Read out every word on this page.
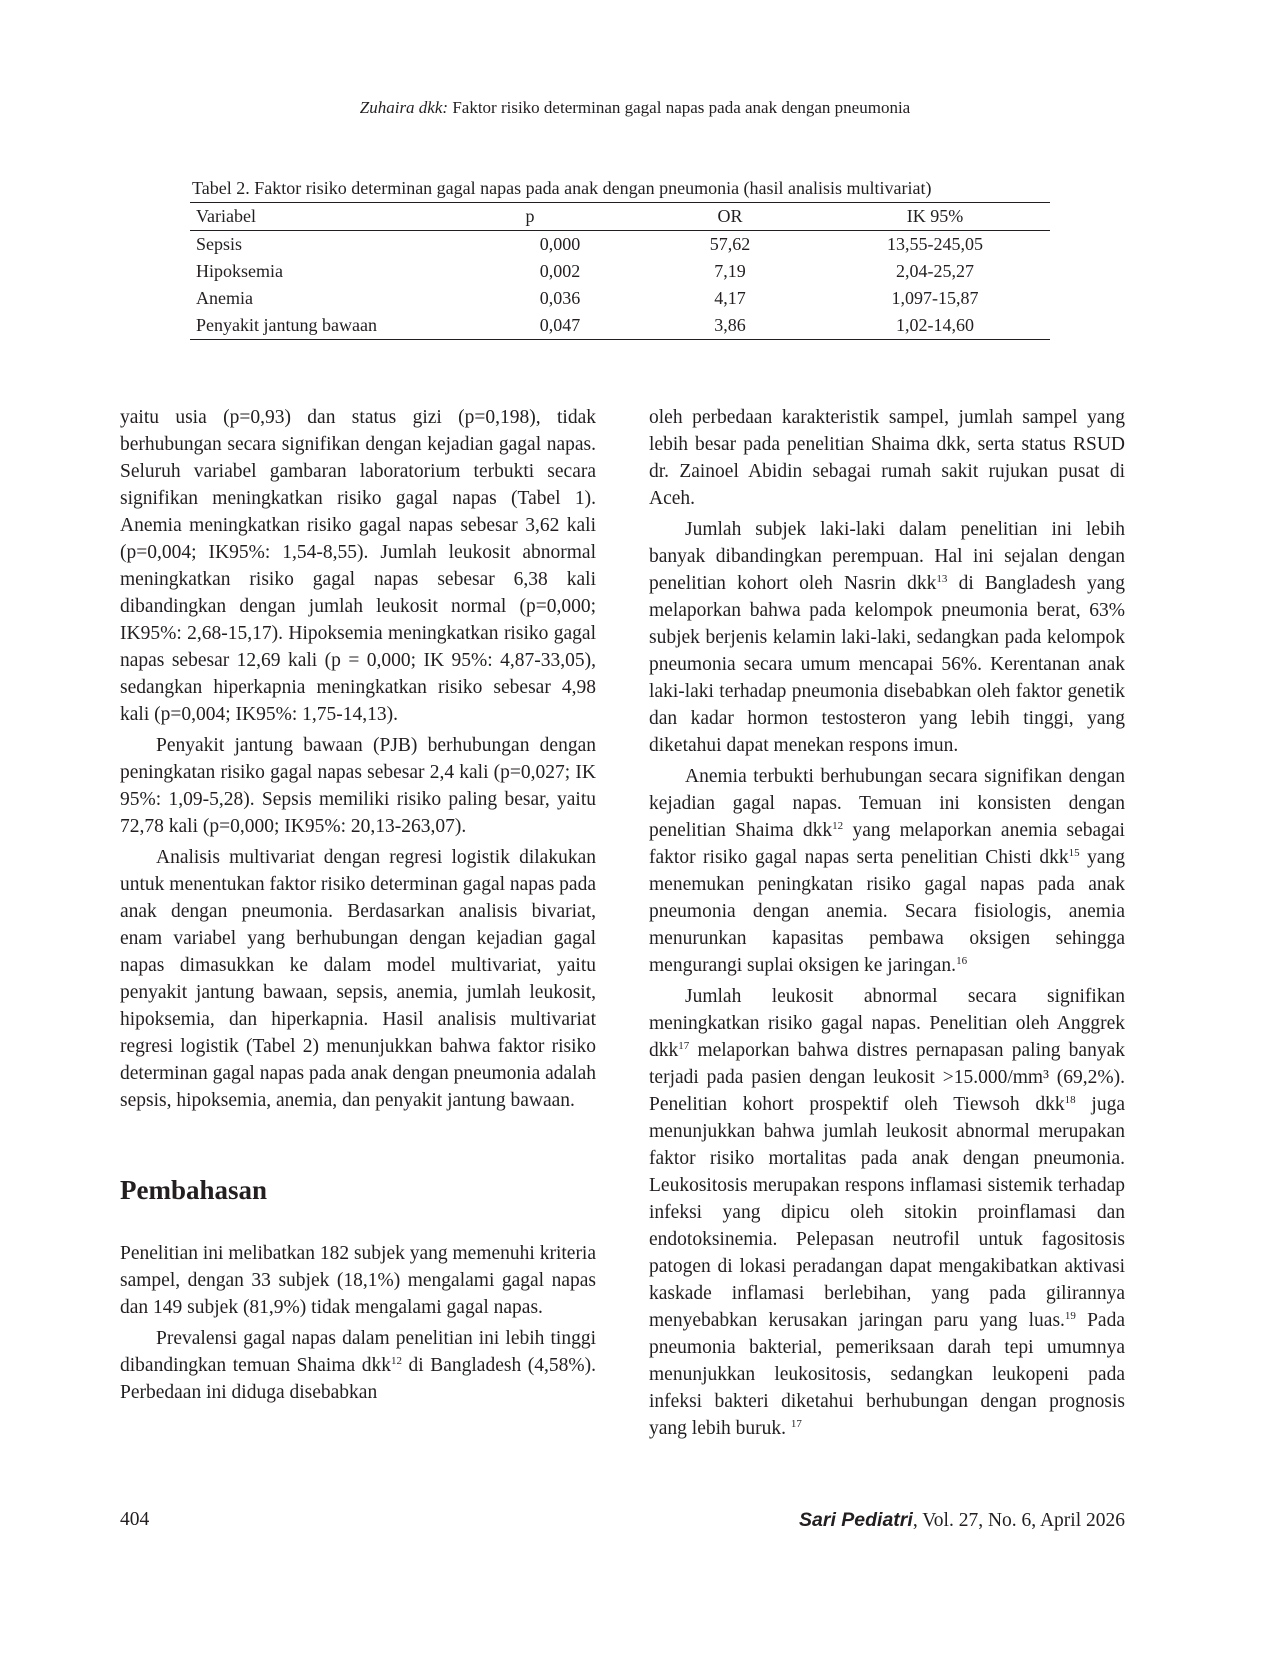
Zuhaira dkk: Faktor risiko determinan gagal napas pada anak dengan pneumonia
Tabel 2. Faktor risiko determinan gagal napas pada anak dengan pneumonia (hasil analisis multivariat)
Variabel	p	OR	IK 95%
Sepsis	0,000	57,62	13,55-245,05
Hipoksemia	0,002	7,19	2,04-25,27
Anemia	0,036	4,17	1,097-15,87
Penyakit jantung bawaan	0,047	3,86	1,02-14,60

yaitu usia (p=0,93) dan status gizi (p=0,198), tidak berhubungan secara signifikan dengan kejadian gagal napas. Seluruh variabel gambaran laboratorium terbukti secara signifikan meningkatkan risiko gagal napas (Tabel 1). Anemia meningkatkan risiko gagal napas sebesar 3,62 kali (p=0,004; IK95%: 1,54-8,55). Jumlah leukosit abnormal meningkatkan risiko gagal napas sebesar 6,38 kali dibandingkan dengan jumlah leukosit normal (p=0,000; IK95%: 2,68-15,17). Hipoksemia meningkatkan risiko gagal napas sebesar 12,69 kali (p = 0,000; IK 95%: 4,87-33,05), sedangkan hiperkapnia meningkatkan risiko sebesar 4,98 kali (p=0,004; IK95%: 1,75-14,13).

Penyakit jantung bawaan (PJB) berhubungan dengan peningkatan risiko gagal napas sebesar 2,4 kali (p=0,027; IK 95%: 1,09-5,28). Sepsis memiliki risiko paling besar, yaitu 72,78 kali (p=0,000; IK95%: 20,13-263,07).

Analisis multivariat dengan regresi logistik dilakukan untuk menentukan faktor risiko determinan gagal napas pada anak dengan pneumonia. Berdasarkan analisis bivariat, enam variabel yang berhubungan dengan kejadian gagal napas dimasukkan ke dalam model multivariat, yaitu penyakit jantung bawaan, sepsis, anemia, jumlah leukosit, hipoksemia, dan hiperkapnia. Hasil analisis multivariat regresi logistik (Tabel 2) menunjukkan bahwa faktor risiko determinan gagal napas pada anak dengan pneumonia adalah sepsis, hipoksemia, anemia, dan penyakit jantung bawaan.

Pembahasan

Penelitian ini melibatkan 182 subjek yang memenuhi kriteria sampel, dengan 33 subjek (18,1%) mengalami gagal napas dan 149 subjek (81,9%) tidak mengalami gagal napas.

Prevalensi gagal napas dalam penelitian ini lebih tinggi dibandingkan temuan Shaima dkk$^{12}$ di Bangladesh (4,58%). Perbedaan ini diduga disebabkan

oleh perbedaan karakteristik sampel, jumlah sampel yang lebih besar pada penelitian Shaima dkk, serta status RSUD dr. Zainoel Abidin sebagai rumah sakit rujukan pusat di Aceh.

Jumlah subjek laki-laki dalam penelitian ini lebih banyak dibandingkan perempuan. Hal ini sejalan dengan penelitian kohort oleh Nasrin dkk$^{13}$ di Bangladesh yang melaporkan bahwa pada kelompok pneumonia berat, 63% subjek berjenis kelamin laki-laki, sedangkan pada kelompok pneumonia secara umum mencapai 56%. Kerentanan anak laki-laki terhadap pneumonia disebabkan oleh faktor genetik dan kadar hormon testosteron yang lebih tinggi, yang diketahui dapat menekan respons imun.

Anemia terbukti berhubungan secara signifikan dengan kejadian gagal napas. Temuan ini konsisten dengan penelitian Shaima dkk$^{12}$ yang melaporkan anemia sebagai faktor risiko gagal napas serta penelitian Chisti dkk$^{15}$ yang menemukan peningkatan risiko gagal napas pada anak pneumonia dengan anemia. Secara fisiologis, anemia menurunkan kapasitas pembawa oksigen sehingga mengurangi suplai oksigen ke jaringan.$^{16}$

Jumlah leukosit abnormal secara signifikan meningkatkan risiko gagal napas. Penelitian oleh Anggrek dkk$^{17}$ melaporkan bahwa distres pernapasan paling banyak terjadi pada pasien dengan leukosit >15.000/mm³ (69,2%). Penelitian kohort prospektif oleh Tiewsoh dkk$^{18}$ juga menunjukkan bahwa jumlah leukosit abnormal merupakan faktor risiko mortalitas pada anak dengan pneumonia. Leukositosis merupakan respons inflamasi sistemik terhadap infeksi yang dipicu oleh sitokin proinflamasi dan endotoksinemia. Pelepasan neutrofil untuk fagositosis patogen di lokasi peradangan dapat mengakibatkan aktivasi kaskade inflamasi berlebihan, yang pada gilirannya menyebabkan kerusakan jaringan paru yang luas.$^{19}$ Pada pneumonia bakterial, pemeriksaan darah tepi umumnya menunjukkan leukositosis, sedangkan leukopeni pada infeksi bakteri diketahui berhubungan dengan prognosis yang lebih buruk. $^{17}$

404	Sari Pediatri, Vol. 27, No. 6, April 2026
